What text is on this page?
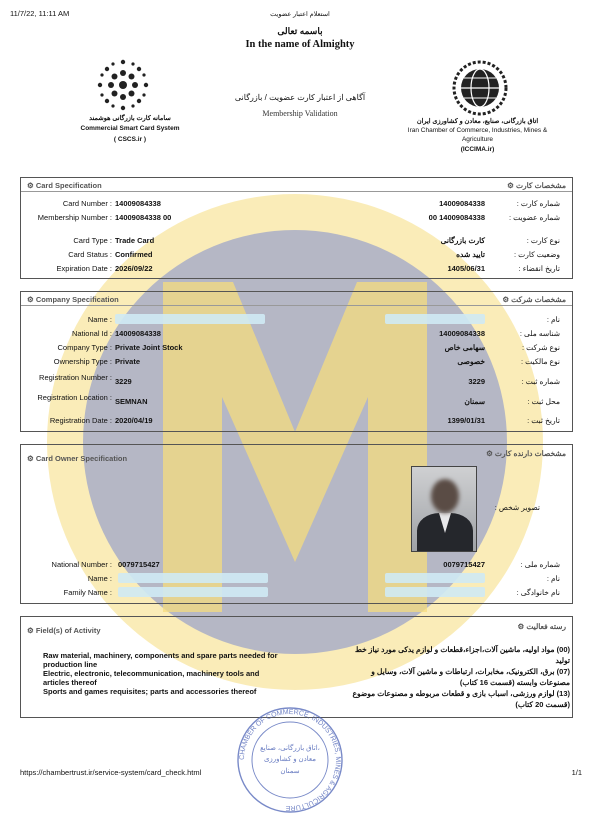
11/7/22, 11:11 AM	استعلام اعتبار عضویت
باسمه تعالی
In the name of Almighty
سامانه کارت بازرگانی هوشمند
Commercial Smart Card System
( CSCS.ir )
آگاهی از اعتبار کارت عضویت / بازرگانی
Membership Validation
اتاق بازرگانی، صنایع، معادن و کشاورزی ایران
Iran Chamber of Commerce, Industries, Mines &
Agriculture
(ICCIMA.ir)
⚙ Card Specification	مشخصات کارت ⚙
⚙ Company Specification	مشخصات شرکت ⚙
⚙ Card Owner Specification
مشخصات دارنده کارت ⚙
⚙ Field(s) of Activity	رسته فعالیت ⚙
Card Number : 14009084338	شماره کارت :
14009084338
Membership Number : 14009084338 00	شماره عضویت :
14009084338 00
Card Type : Trade Card	نوع کارت :
کارت بازرگانی
Card Status : Confirmed	وضعیت کارت :
تایید شده
Expiration Date : 2026/09/22	تاریخ انقضاء :
1405/06/31
Name :	نام :
National Id : 14009084338	شناسه ملی :
14009084338
Company Type : Private Joint Stock	نوع شرکت :
سهامی خاص
Ownership Type : Private	نوع مالکیت :
خصوصی
Registration Number : 3229	شماره ثبت :
3229
Registration Location : SEMNAN	محل ثبت :
سمنان
Registration Date : 2020/04/19	تاریخ ثبت :
1399/01/31
National Number : 0079715427	شماره ملی :
0079715427
Name :	نام :
Family Name :	نام خانوادگی :
تصویر شخص :
Raw material, machinery, components and spare parts needed for
production line
Electric, electronic, telecommunication, machinery tools and
articles thereof
Sports and games requisites; parts and accessories thereof
(00) مواد اولیه، ماشین آلات،اجزاء،قطعات و لوازم یدکی مورد نیاز خط
تولید
(07) برق، الکترونیک، مخابرات، ارتباطات و ماشین آلات، وسایل و
مصنوعات وابسته (قسمت 16 کتاب)
(13) لوازم ورزشی، اسباب بازی و قطعات مربوطه و مصنوعات موضوع
(قسمت 20 کتاب)
CHAMBER OF COMMERCE, INDUSTRIES, MINES & AGRICULTURE
اتاق بازرگانی، صنایع،
معادن و کشاورزی
سمنان
https://chambertrust.ir/service-system/card_check.html	1/1
